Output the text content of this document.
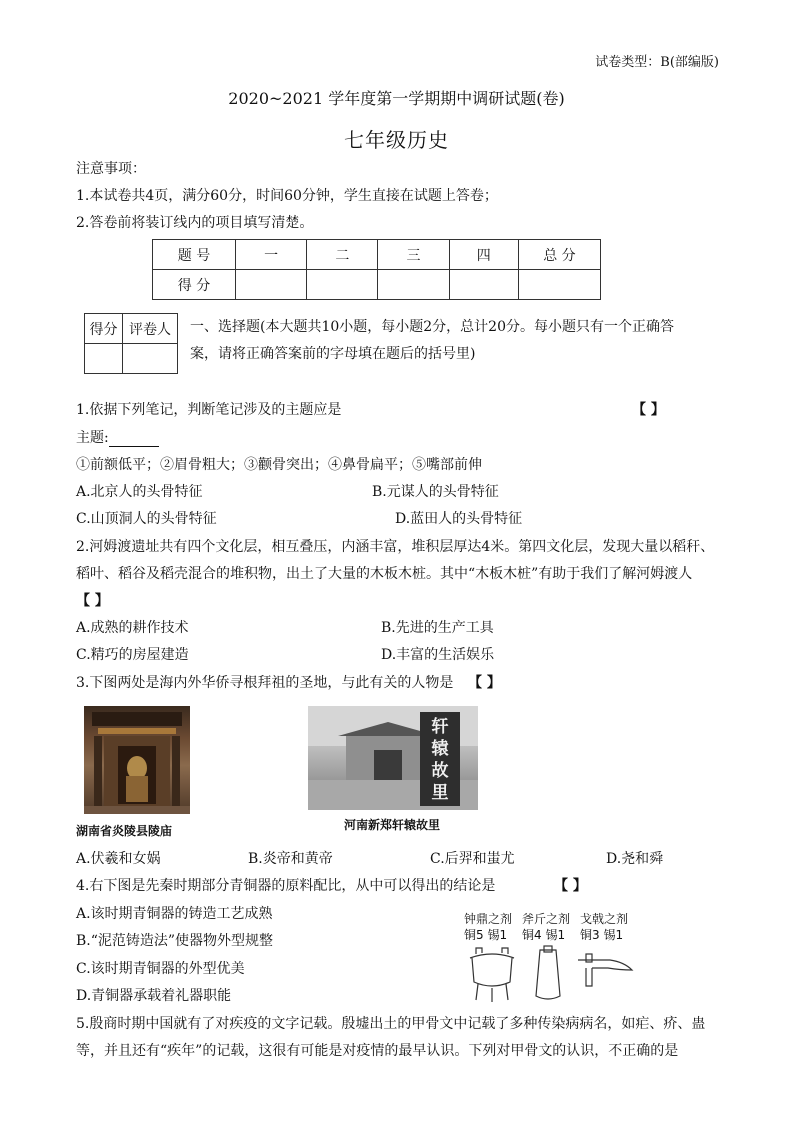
试卷类型：B(部编版)
2020~2021 学年度第一学期期中调研试题(卷)
七年级历史
注意事项：
1.本试卷共4页，满分60分，时间60分钟，学生直接在试题上答卷；
2.答卷前将装订线内的项目填写清楚。
题 号	一	二	三	四	总 分
得 分					
得分	评卷人
	一、选择题(本大题共10小题，每小题2分，总计20分。每小题只有一个正确答
案，请将正确答案前的字母填在题后的括号里)
1.依据下列笔记，判断笔记涉及的主题应是	【 】
主题:
①前额低平；②眉骨粗大；③颧骨突出；④鼻骨扁平；⑤嘴部前伸
A.北京人的头骨特征	B.元谋人的头骨特征
C.山顶洞人的头骨特征	D.蓝田人的头骨特征
2.河姆渡遗址共有四个文化层，相互叠压，内涵丰富，堆积层厚达4米。第四文化层，发现大量以稻秆、
稻叶、稻谷及稻壳混合的堆积物，出土了大量的木板木桩。其中“木板木桩”有助于我们了解河姆渡人
【 】
A.成熟的耕作技术	B.先进的生产工具
C.精巧的房屋建造	D.丰富的生活娱乐
3.下图两处是海内外华侨寻根拜祖的圣地，与此有关的人物是 【 】
湖南省炎陵县陵庙
轩辕故里
河南新郑轩辕故里
A.伏羲和女娲	B.炎帝和黄帝	C.后羿和蚩尤	D.尧和舜
4.右下图是先秦时期部分青铜器的原料配比，从中可以得出的结论是	【 】
A.该时期青铜器的铸造工艺成熟
B.“泥范铸造法”使器物外型规整
C.该时期青铜器的外型优美
D.青铜器承载着礼器职能
钟鼎之剂 斧斤之剂 戈戟之剂
铜5 锡1 铜4 锡1 铜3 锡1
5.殷商时期中国就有了对疾疫的文字记载。殷墟出土的甲骨文中记载了多种传染病病名，如疟、疥、蛊
等，并且还有“疾年”的记载，这很有可能是对疫情的最早认识。下列对甲骨文的认识，不正确的是
